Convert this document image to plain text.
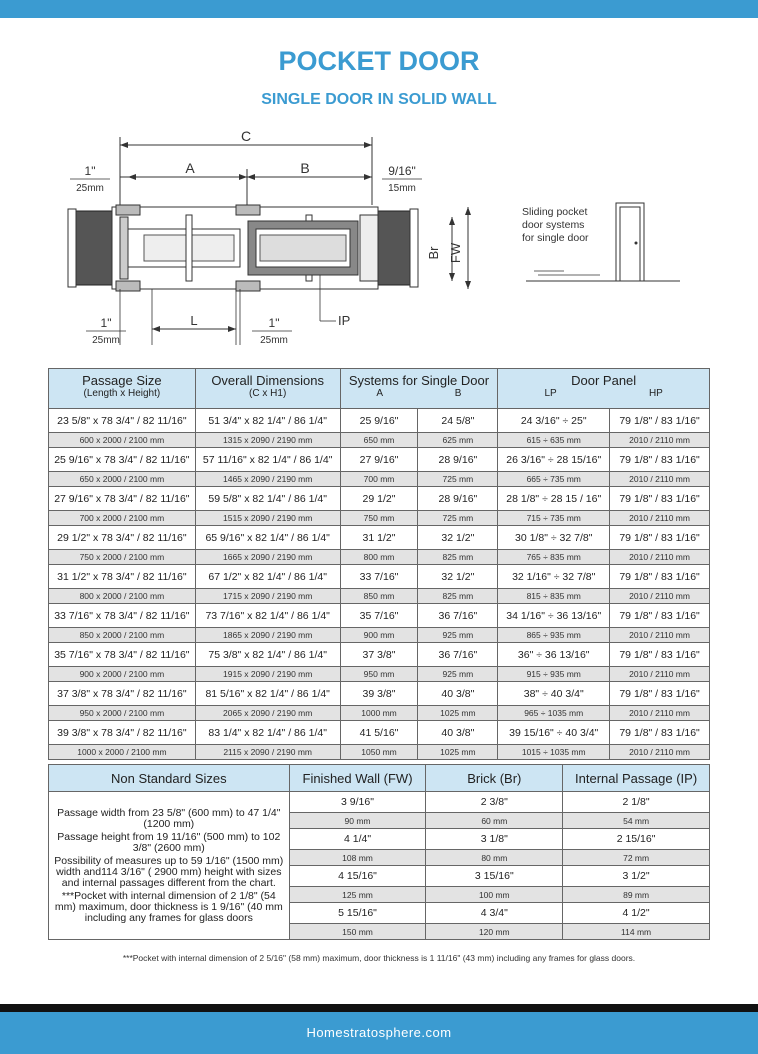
POCKET DOOR
SINGLE DOOR IN SOLID WALL
C
A	B
1"
25mm
9/16"
15mm
Br FW
1"
25mm
L	1"
25mm
IP
Sliding pocket
door systems
for single door
Passage Size
(Length x Height)	Overall Dimensions
(C x H1)	Systems for Single Door
A B		Door Panel
LP HP	

23 5/8" x 78 3/4" / 82 11/16"	51 3/4" x 82 1/4" / 86 1/4"	25 9/16"	24 5/8"	24 3/16" ÷ 25"	79 1/8" / 83 1/16"
600 x 2000 / 2100 mm	1315 x 2090 / 2190 mm	650 mm	625 mm	615 ÷ 635 mm	2010 / 2110 mm
25 9/16" x 78 3/4" / 82 11/16"	57 11/16" x 82 1/4" / 86 1/4"	27 9/16"	28 9/16"	26 3/16" ÷ 28 15/16"	79 1/8" / 83 1/16"
650 x 2000 / 2100 mm	1465 x 2090 / 2190 mm	700 mm	725 mm	665 ÷ 735 mm	2010 / 2110 mm
27 9/16" x 78 3/4" / 82 11/16"	59 5/8" x 82 1/4" / 86 1/4"	29 1/2"	28 9/16"	28 1/8" ÷ 28 15 / 16"	79 1/8" / 83 1/16"
700 x 2000 / 2100 mm	1515 x 2090 / 2190 mm	750 mm	725 mm	715 ÷ 735 mm	2010 / 2110 mm
29 1/2" x 78 3/4" / 82 11/16"	65 9/16" x 82 1/4" / 86 1/4"	31 1/2"	32 1/2"	30 1/8" ÷ 32 7/8"	79 1/8" / 83 1/16"
750 x 2000 / 2100 mm	1665 x 2090 / 2190 mm	800 mm	825 mm	765 ÷ 835 mm	2010 / 2110 mm
31 1/2" x 78 3/4" / 82 11/16"	67 1/2" x 82 1/4" / 86 1/4"	33 7/16"	32 1/2"	32 1/16" ÷ 32 7/8"	79 1/8" / 83 1/16"
800 x 2000 / 2100 mm	1715 x 2090 / 2190 mm	850 mm	825 mm	815 ÷ 835 mm	2010 / 2110 mm
33 7/16" x 78 3/4" / 82 11/16"	73 7/16" x 82 1/4" / 86 1/4"	35 7/16"	36 7/16"	34 1/16" ÷ 36 13/16"	79 1/8" / 83 1/16"
850 x 2000 / 2100 mm	1865 x 2090 / 2190 mm	900 mm	925 mm	865 ÷ 935 mm	2010 / 2110 mm
35 7/16" x 78 3/4" / 82 11/16"	75 3/8" x 82 1/4" / 86 1/4"	37 3/8"	36 7/16"	36" ÷ 36 13/16"	79 1/8" / 83 1/16"
900 x 2000 / 2100 mm	1915 x 2090 / 2190 mm	950 mm	925 mm	915 ÷ 935 mm	2010 / 2110 mm
37 3/8" x 78 3/4" / 82 11/16"	81 5/16" x 82 1/4" / 86 1/4"	39 3/8"	40 3/8"	38" ÷ 40 3/4"	79 1/8" / 83 1/16"
950 x 2000 / 2100 mm	2065 x 2090 / 2190 mm	1000 mm	1025 mm	965 ÷ 1035 mm	2010 / 2110 mm
39 3/8" x 78 3/4" / 82 11/16"	83 1/4" x 82 1/4" / 86 1/4"	41 5/16"	40 3/8"	39 15/16" ÷ 40 3/4"	79 1/8" / 83 1/16"
1000 x 2000 / 2100 mm	2115 x 2090 / 2190 mm	1050 mm	1025 mm	1015 ÷ 1035 mm	2010 / 2110 mm
Non Standard Sizes	Finished Wall (FW)	Brick (Br)	Internal Passage (IP)

Passage width from 23 5/8" (600 mm) to 47 1/4" (1200 mm)

Passage height from 19 11/16" (500 mm) to 102 3/8" (2600 mm)

Possibility of measures up to 59 1/16" (1500 mm) width and114 3/16" ( 2900 mm) height with sizes and internal passages different from the chart.

***Pocket with internal dimension of 2 1/8" (54 mm) maximum, door thickness is 1 9/16" (40 mm including any frames for glass doors	3 9/16"	2 3/8"	2 1/8"
	90 mm	60 mm	54 mm
	4 1/4"	3 1/8"	2 15/16"
	108 mm	80 mm	72 mm
	4 15/16"	3 15/16"	3 1/2"
	125 mm	100 mm	89 mm
	5 15/16"	4 3/4"	4 1/2"
	150 mm	120 mm	114 mm
***Pocket with internal dimension of 2 5/16" (58 mm) maximum, door thickness is 1 11/16" (43 mm) including any frames for glass doors.
Homestratosphere.com
